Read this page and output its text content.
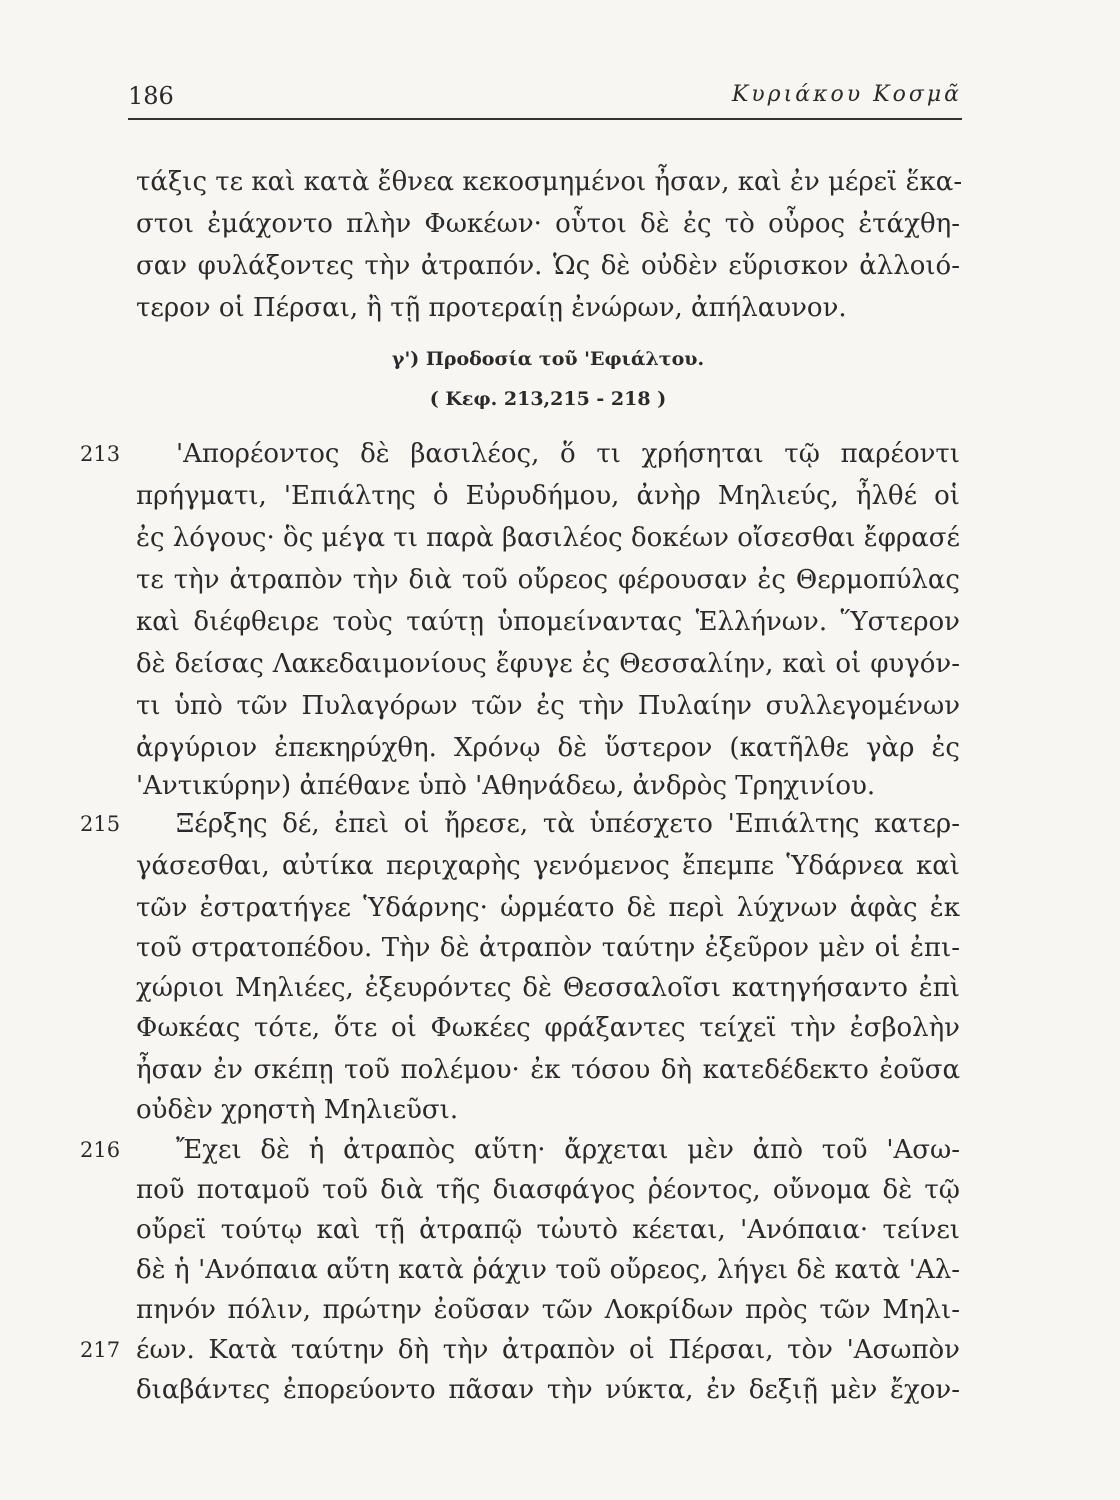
186	Κυριάκου Κοσμᾶ
τάξις τε καὶ κατὰ ἔθνεα κεκοσμημένοι ἦσαν, καὶ ἐν μέρεϊ ἕκα-
στοι ἐμάχοντο πλὴν Φωκέων· οὗτοι δὲ ἐς τὸ οὖρος ἐτάχθη-
σαν φυλάξοντες τὴν ἀτραπόν. Ὡς δὲ οὐδὲν εὕρισκον ἀλλοιό-
τερον οἱ Πέρσαι, ἢ τῇ προτεραίῃ ἐνώρων, ἀπήλαυνον.
γ') Προδοσία τοῦ 'Εφιάλτου.
( Κεφ. 213,215 - 218 )
213
215
216
217
'Απορέοντος δὲ βασιλέος, ὅ τι χρήσηται τῷ παρέοντι
πρήγματι, 'Επιάλτης ὁ Εὐρυδήμου, ἀνὴρ Μηλιεύς, ἦλθέ οἱ
ἐς λόγους· ὃς μέγα τι παρὰ βασιλέος δοκέων οἴσεσθαι ἔφρασέ
τε τὴν ἀτραπὸν τὴν διὰ τοῦ οὔρεος φέρουσαν ἐς Θερμοπύλας
καὶ διέφθειρε τοὺς ταύτῃ ὑπομείναντας Ἑλλήνων. Ὕστερον
δὲ δείσας Λακεδαιμονίους ἔφυγε ἐς Θεσσαλίην, καὶ οἱ φυγόν-
τι ὑπὸ τῶν Πυλαγόρων τῶν ἐς τὴν Πυλαίην συλλεγομένων
ἀργύριον ἐπεκηρύχθη. Χρόνῳ δὲ ὕστερον (κατῆλθε γὰρ ἐς
'Αντικύρην) ἀπέθανε ὑπὸ 'Αθηνάδεω, ἀνδρὸς Τρηχινίου.
Ξέρξης δέ, ἐπεὶ οἱ ἤρεσε, τὰ ὑπέσχετο 'Επιάλτης κατερ-
γάσεσθαι, αὐτίκα περιχαρὴς γενόμενος ἔπεμπε Ὑδάρνεα καὶ
τῶν ἐστρατήγεε Ὑδάρνης· ὡρμέατο δὲ περὶ λύχνων ἁφὰς ἐκ
τοῦ στρατοπέδου. Τὴν δὲ ἀτραπὸν ταύτην ἐξεῦρον μὲν οἱ ἐπι-
χώριοι Μηλιέες, ἐξευρόντες δὲ Θεσσαλοῖσι κατηγήσαντο ἐπὶ
Φωκέας τότε, ὅτε οἱ Φωκέες φράξαντες τείχεϊ τὴν ἐσβολὴν
ἦσαν ἐν σκέπῃ τοῦ πολέμου· ἐκ τόσου δὴ κατεδέδεκτο ἐοῦσα
οὐδὲν χρηστὴ Μηλιεῦσι.
Ἔχει δὲ ἡ ἀτραπὸς αὕτη· ἄρχεται μὲν ἀπὸ τοῦ 'Ασω-
ποῦ ποταμοῦ τοῦ διὰ τῆς διασφάγος ῥέοντος, οὔνομα δὲ τῷ
οὔρεϊ τούτῳ καὶ τῇ ἀτραπῷ τὠυτὸ κέεται, 'Ανόπαια· τείνει
δὲ ἡ 'Ανόπαια αὕτη κατὰ ῥάχιν τοῦ οὔρεος, λήγει δὲ κατὰ 'Αλ-
πηνόν πόλιν, πρώτην ἐοῦσαν τῶν Λοκρίδων πρὸς τῶν Μηλι-
έων. Κατὰ ταύτην δὴ τὴν ἀτραπὸν οἱ Πέρσαι, τὸν 'Ασωπὸν
διαβάντες ἐπορεύοντο πᾶσαν τὴν νύκτα, ἐν δεξιῇ μὲν ἔχον-
